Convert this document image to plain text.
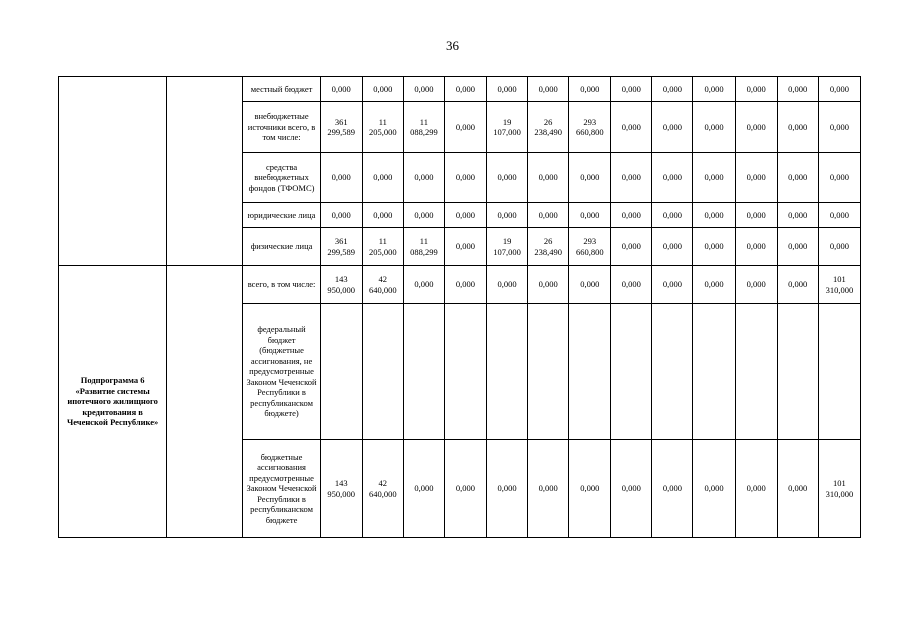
36
		местный бюджет	0,000	0,000	0,000	0,000	0,000	0,000	0,000	0,000	0,000	0,000	0,000	0,000	0,000
		внебюджетные источники всего, в том числе:	361 299,589	11 205,000	11 088,299	0,000	19 107,000	26 238,490	293 660,800	0,000	0,000	0,000	0,000	0,000	0,000
		средства внебюджетных фондов (ТФОМС)	0,000	0,000	0,000	0,000	0,000	0,000	0,000	0,000	0,000	0,000	0,000	0,000	0,000
		юридические лица	0,000	0,000	0,000	0,000	0,000	0,000	0,000	0,000	0,000	0,000	0,000	0,000	0,000
		физические лица	361 299,589	11 205,000	11 088,299	0,000	19 107,000	26 238,490	293 660,800	0,000	0,000	0,000	0,000	0,000	0,000
Подпрограмма 6 «Развитие системы ипотечного жилищного кредитования в Чеченской Республике»		всего, в том числе:	143 950,000	42 640,000	0,000	0,000	0,000	0,000	0,000	0,000	0,000	0,000	0,000	0,000	101 310,000
		федеральный бюджет (бюджетные ассигнования, не предусмотренные Законом Чеченской Республики в республиканском бюджете)													
		бюджетные ассигнования предусмотренные Законом Чеченской Республики в республиканском бюджете	143 950,000	42 640,000	0,000	0,000	0,000	0,000	0,000	0,000	0,000	0,000	0,000	0,000	101 310,000
